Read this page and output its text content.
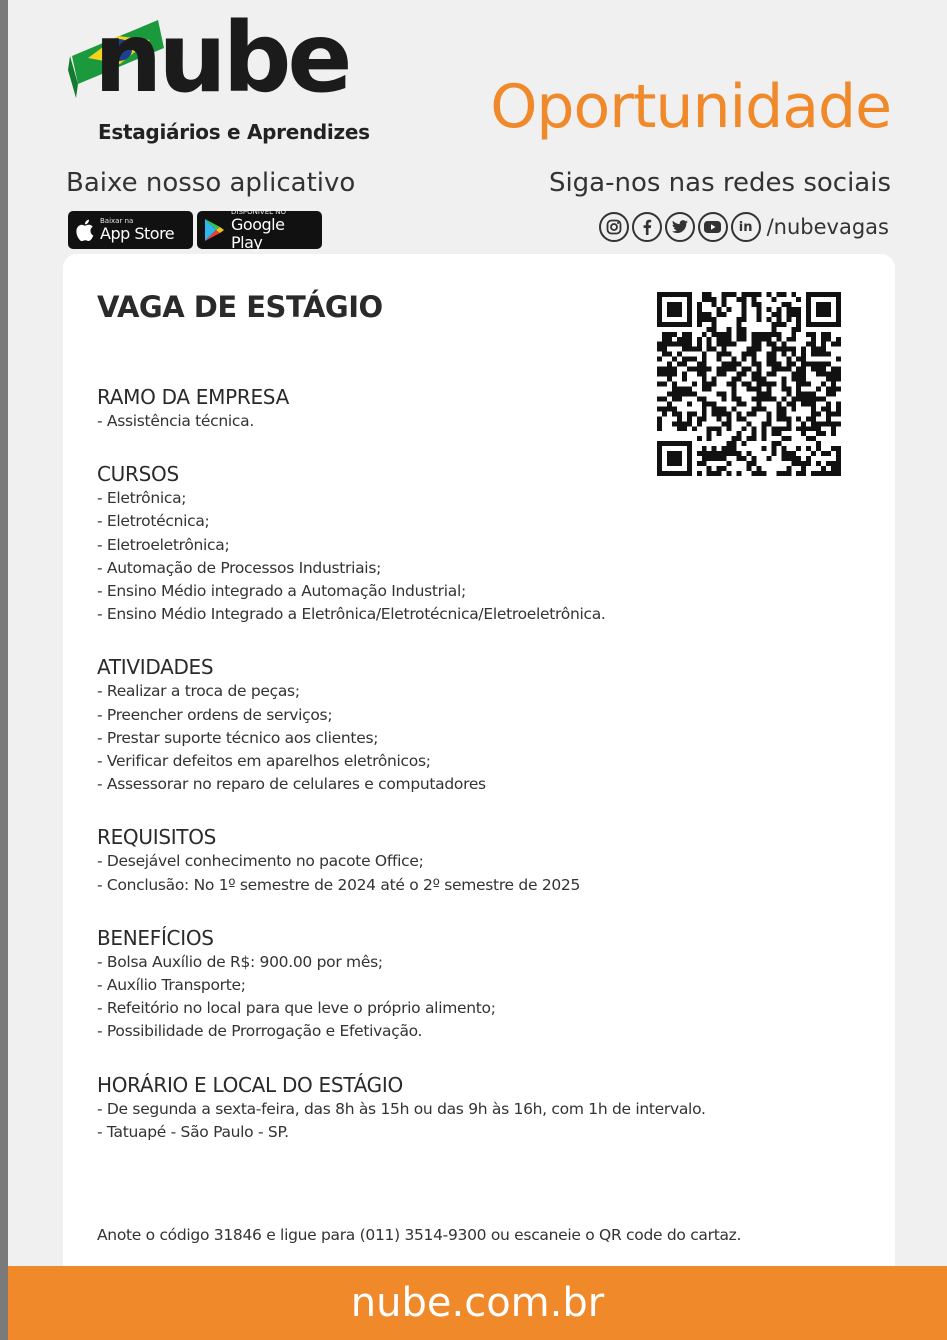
nube
Estagiários e Aprendizes Oportunidade
Baixe nosso aplicativo
Baixar na
App Store
DISPONÍVEL NO
Google Play
Siga-nos nas redes sociais
in /nubevagas
VAGA DE ESTÁGIO
RAMO DA EMPRESA
- Assistência técnica.
CURSOS
- Eletrônica;
- Eletrotécnica;
- Eletroeletrônica;
- Automação de Processos Industriais;
- Ensino Médio integrado a Automação Industrial;
- Ensino Médio Integrado a Eletrônica/Eletrotécnica/Eletroeletrônica.
ATIVIDADES
- Realizar a troca de peças;
- Preencher ordens de serviços;
- Prestar suporte técnico aos clientes;
- Verificar defeitos em aparelhos eletrônicos;
- Assessorar no reparo de celulares e computadores
REQUISITOS
- Desejável conhecimento no pacote Office;
- Conclusão: No 1º semestre de 2024 até o 2º semestre de 2025
BENEFÍCIOS
- Bolsa Auxílio de R$: 900.00 por mês;
- Auxílio Transporte;
- Refeitório no local para que leve o próprio alimento;
- Possibilidade de Prorrogação e Efetivação.
HORÁRIO E LOCAL DO ESTÁGIO
- De segunda a sexta-feira, das 8h às 15h ou das 9h às 16h, com 1h de intervalo.
- Tatuapé - São Paulo - SP.
Anote o código 31846 e ligue para (011) 3514-9300 ou escaneie o QR code do cartaz.
nube.com.br
